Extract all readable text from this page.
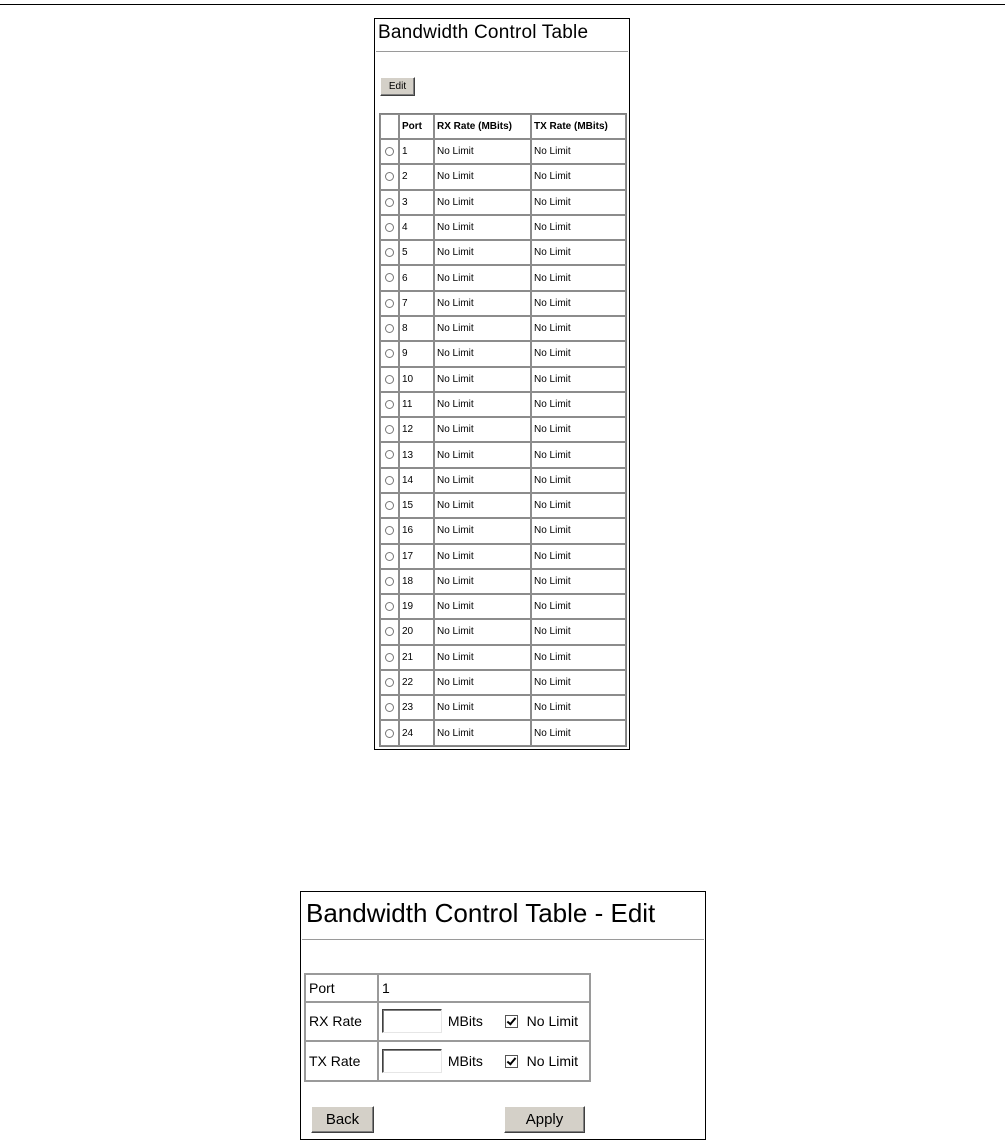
Bandwidth Control Table
Edit
	Port	RX Rate (MBits)	TX Rate (MBits)
	1	No Limit	No Limit
	2	No Limit	No Limit
	3	No Limit	No Limit
	4	No Limit	No Limit
	5	No Limit	No Limit
	6	No Limit	No Limit
	7	No Limit	No Limit
	8	No Limit	No Limit
	9	No Limit	No Limit
	10	No Limit	No Limit
	11	No Limit	No Limit
	12	No Limit	No Limit
	13	No Limit	No Limit
	14	No Limit	No Limit
	15	No Limit	No Limit
	16	No Limit	No Limit
	17	No Limit	No Limit
	18	No Limit	No Limit
	19	No Limit	No Limit
	20	No Limit	No Limit
	21	No Limit	No Limit
	22	No Limit	No Limit
	23	No Limit	No Limit
	24	No Limit	No Limit
Bandwidth Control Table - Edit
Port	1
RX Rate	MBits No Limit
TX Rate	MBits No Limit
Back	Apply
